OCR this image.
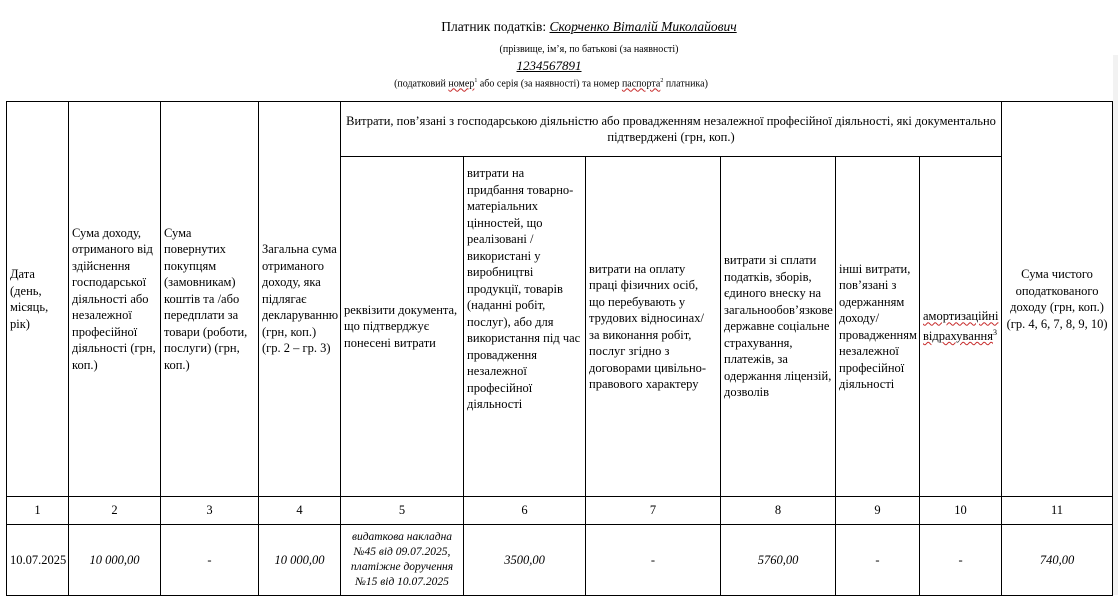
Платник податків: Скорченко Віталій Миколайович
(прізвище, ім’я, по батькові (за наявності)
1234567891
(податковий номер$^1$ або серія (за наявності) та номер паспорта$^2$ платника)
Дата (день, місяць, рік)	Сума доходу, отриманого від здійснення господарської діяльності або незалежної професійної діяльності (грн, коп.)	Сума повернутих покупцям (замовникам) коштів та /або передплати за товари (роботи, послуги) (грн, коп.)	Загальна сума отриманого доходу, яка підлягає декларуванню (грн, коп.) (гр. 2 – гр. 3)	Витрати, пов’язані з господарською діяльністю або провадженням незалежної професійної діяльності, які документально підтверджені (грн, коп.)						Сума чистого оподаткованого доходу (грн, коп.) (гр. 4, 6, 7, 8, 9, 10)
				реквізити документа, що підтверджує понесені витрати	витрати на придбання товарно-матеріальних цінностей, що реалізовані / використані у виробництві продукції, товарів (наданні робіт, послуг), або для використання під час провадження незалежної професійної діяльності	витрати на оплату праці фізичних осіб, що перебувають у трудових відносинах/ за виконання робіт, послуг згідно з договорами цивільно-правового характеру	витрати зі сплати податків, зборів, єдиного внеску на загальнообов’язкове державне соціальне страхування, платежів, за одержання ліцензій, дозволів	інші витрати, пов’язані з одержанням доходу/ провадженням незалежної професійної діяльності	амортизаційні відрахування$^3$
1	2	3	4	5	6	7	8	9	10	11
10.07.2025	10 000,00	-	10 000,00	видаткова накладна №45 від 09.07.2025, платіжне доручення №15 від 10.07.2025	3500,00	-	5760,00	-	-	740,00
